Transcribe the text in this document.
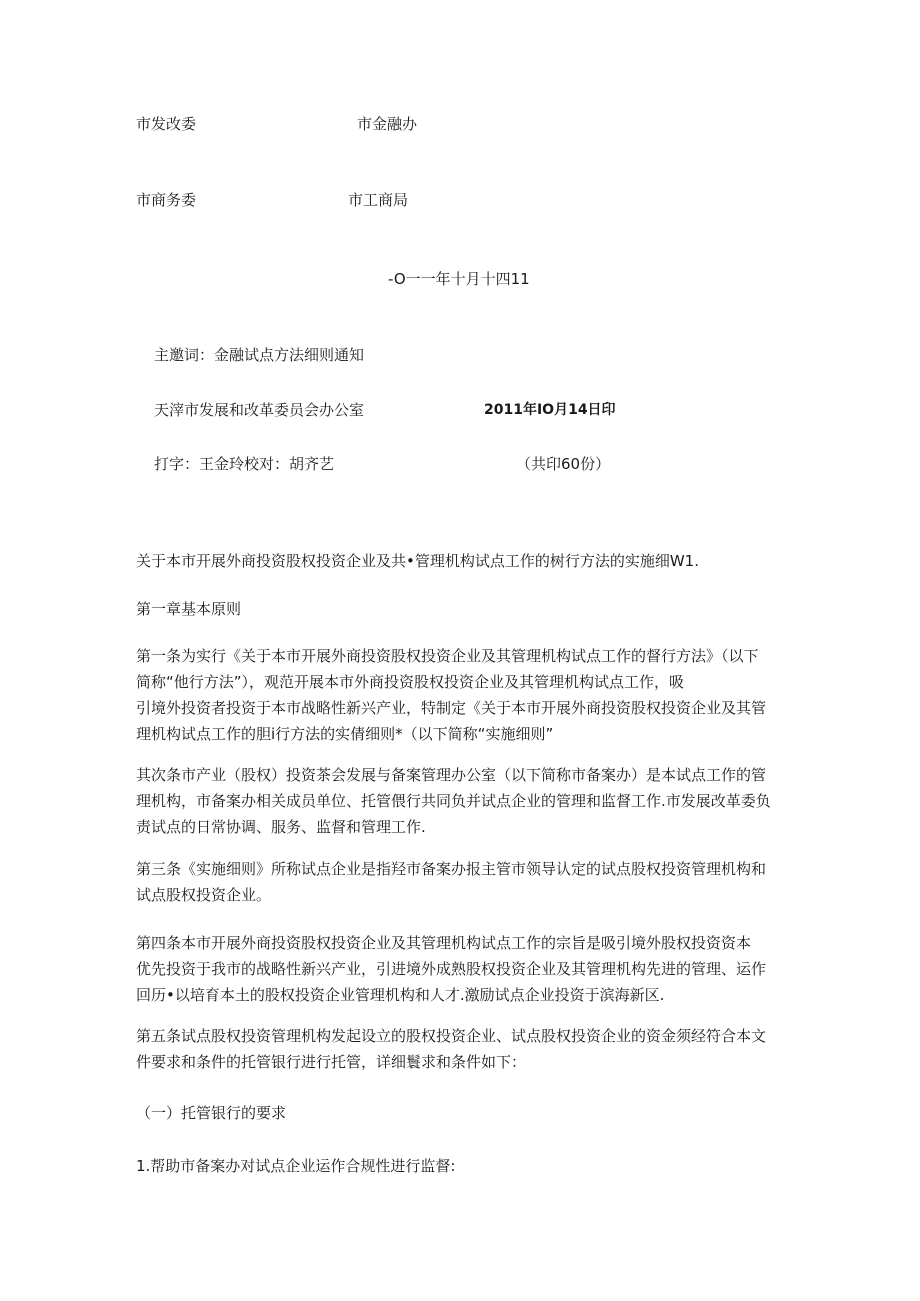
市发改委	市金融办
市商务委	市工商局
-O一一年十月十四11
主邀词：金融试点方法细则通知
天滓市发展和改革委员会办公室	2011年IO月14日印
打字：王金玲校对：胡齐艺	（共印60份）
关于本市开展外商投资股权投资企业及共•管理机构试点工作的树行方法的实施细W1.
第一章基本原则
第一条为实行《关于本市开展外商投资股权投资企业及其管理机构试点工作的督行方法》（以下
简称“他行方法”），观范开展本市外商投资股权投资企业及其管理机构试点工作，吸
引境外投资者投资于本市战略性新兴产业，特制定《关于本市开展外商投资股权投资企业及其管
理机构试点工作的胆i行方法的实倩细则*（以下简称“实施细则”
其次条市产业（股权）投资茶会发展与备案管理办公室（以下简称市备案办）是本试点工作的管
理机构，市备案办相关成员单位、托管偎行共同负并试点企业的管理和监督工作.市发展改革委负
责试点的日常协调、服务、监督和管理工作.
第三条《实施细则》所称试点企业是指羟市备案办报主管市领导认定的试点股权投资管理机构和
试点股权投资企业。
第四条本市开展外商投资股权投资企业及其管理机构试点工作的宗旨是吸引境外股权投资资本
优先投资于我市的战略性新兴产业，引进境外成熟股权投资企业及其管理机构先进的管理、运作
回历•以培育本土的股权投资企业管理机构和人才.激励试点企业投资于滨海新区.
第五条试点股权投资管理机构发起设立的股权投资企业、试点股权投资企业的资金须经符合本文
件要求和条件的托管银行进行托管，详细鬟求和条件如下：
（一）托管银行的要求
1.帮助市备案办对试点企业运作合规性进行监督:
